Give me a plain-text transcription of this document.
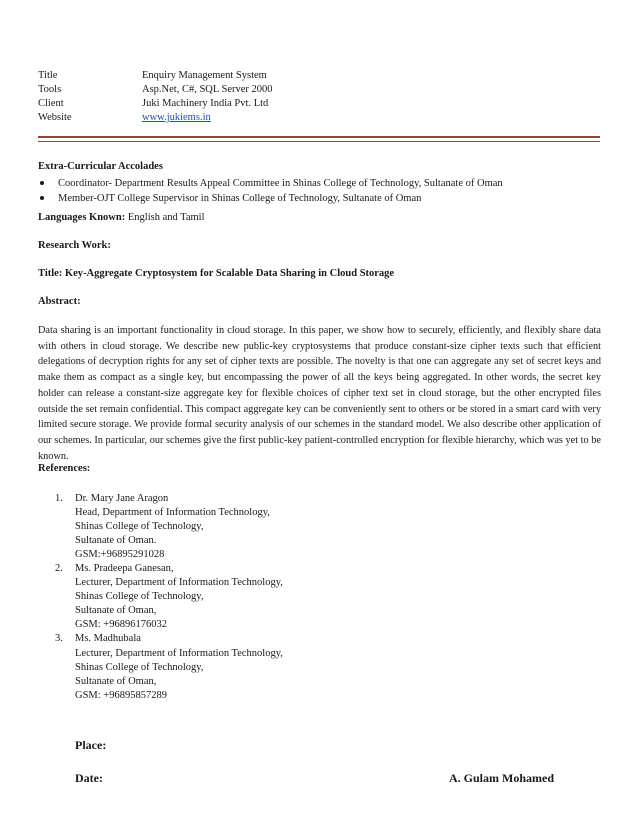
Title	Enquiry Management System
Tools	Asp.Net, C#, SQL Server 2000
Client	Juki Machinery India Pvt. Ltd
Website	www.jukiems.in
Extra-Curricular Accolades
Coordinator- Department Results Appeal Committee in Shinas College of Technology, Sultanate of Oman
Member-OJT College Supervisor in Shinas College of Technology, Sultanate of Oman
Languages Known: English and Tamil
Research Work:
Title: Key-Aggregate Cryptosystem for Scalable Data Sharing in Cloud Storage
Abstract:
Data sharing is an important functionality in cloud storage. In this paper, we show how to securely, efficiently, and flexibly share data with others in cloud storage. We describe new public-key cryptosystems that produce constant-size cipher texts such that efficient delegations of decryption rights for any set of cipher texts are possible. The novelty is that one can aggregate any set of secret keys and make them as compact as a single key, but encompassing the power of all the keys being aggregated. In other words, the secret key holder can release a constant-size aggregate key for flexible choices of cipher text set in cloud storage, but the other encrypted files outside the set remain confidential. This compact aggregate key can be conveniently sent to others or be stored in a smart card with very limited secure storage. We provide formal security analysis of our schemes in the standard model. We also describe other application of our schemes. In particular, our schemes give the first public-key patient-controlled encryption for flexible hierarchy, which was yet to be known.
References:
1.	Dr. Mary Jane Aragon
Head, Department of Information Technology,
Shinas College of Technology,
Sultanate of Oman.
GSM:+96895291028
2.	Ms. Pradeepa Ganesan,
Lecturer, Department of Information Technology,
Shinas College of Technology,
Sultanate of Oman,
GSM: +96896176032
3.	Ms. Madhubala
Lecturer, Department of Information Technology,
Shinas College of Technology,
Sultanate of Oman,
GSM: +96895857289
Place:
Date:	A. Gulam Mohamed
